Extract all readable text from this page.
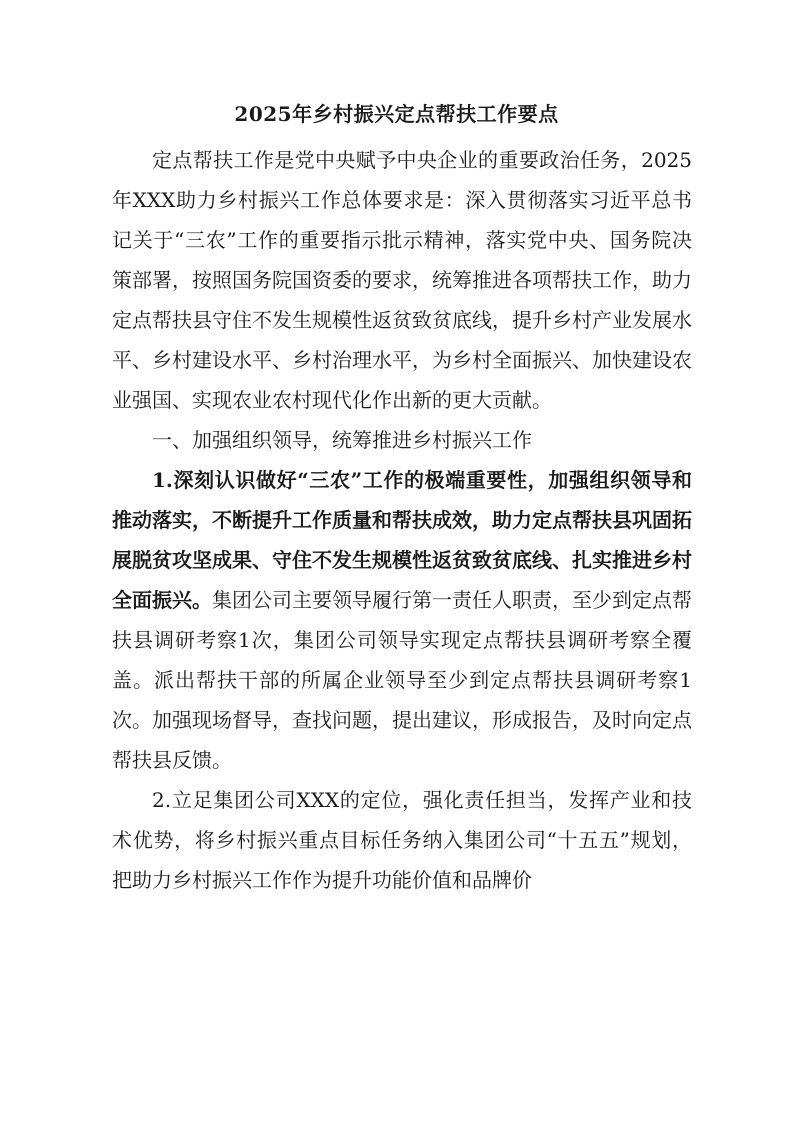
2025年乡村振兴定点帮扶工作要点

定点帮扶工作是党中央赋予中央企业的重要政治任务，2025年XXX助力乡村振兴工作总体要求是：深入贯彻落实习近平总书记关于“三农”工作的重要指示批示精神，落实党中央、国务院决策部署，按照国务院国资委的要求，统筹推进各项帮扶工作，助力定点帮扶县守住不发生规模性返贫致贫底线，提升乡村产业发展水平、乡村建设水平、乡村治理水平，为乡村全面振兴、加快建设农业强国、实现农业农村现代化作出新的更大贡献。

一、加强组织领导，统筹推进乡村振兴工作

1.深刻认识做好“三农”工作的极端重要性，加强组织领导和推动落实，不断提升工作质量和帮扶成效，助力定点帮扶县巩固拓展脱贫攻坚成果、守住不发生规模性返贫致贫底线、扎实推进乡村全面振兴。集团公司主要领导履行第一责任人职责，至少到定点帮扶县调研考察1次，集团公司领导实现定点帮扶县调研考察全覆盖。派出帮扶干部的所属企业领导至少到定点帮扶县调研考察1次。加强现场督导，查找问题，提出建议，形成报告，及时向定点帮扶县反馈。

2.立足集团公司XXX的定位，强化责任担当，发挥产业和技术优势，将乡村振兴重点目标任务纳入集团公司“十五五”规划，把助力乡村振兴工作作为提升功能价值和品牌价
